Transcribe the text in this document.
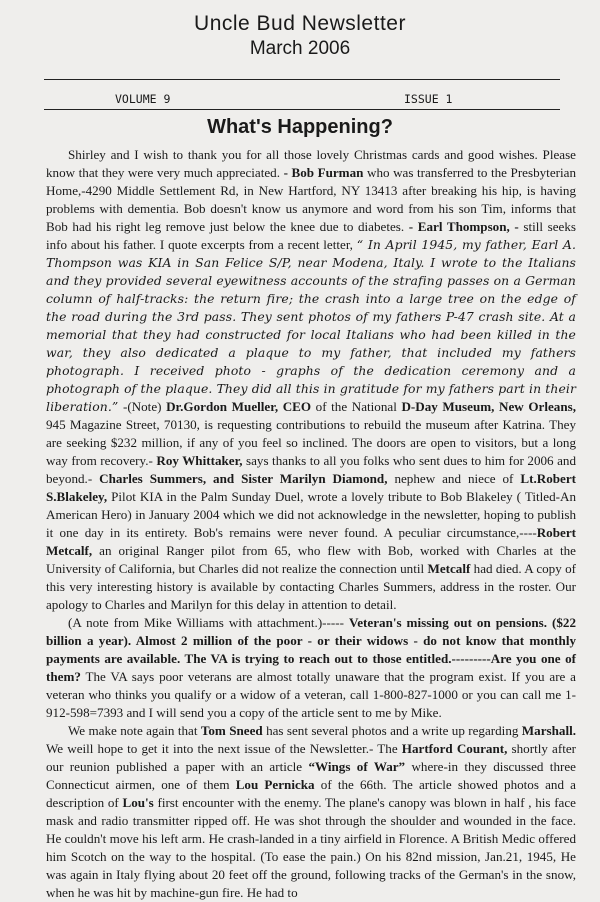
Uncle Bud Newsletter
March 2006
VOLUME 9	ISSUE 1
What's Happening?

Shirley and I wish to thank you for all those lovely Christmas cards and good wishes. Please know that they were very much appreciated. - Bob Furman who was transferred to the Presbyterian Home,-4290 Middle Settlement Rd, in New Hartford, NY 13413 after breaking his hip, is having problems with dementia. Bob doesn't know us anymore and word from his son Tim, informs that Bob had his right leg remove just below the knee due to diabetes. - Earl Thompson, - still seeks info about his father. I quote excerpts from a recent letter, “ In April 1945, my father, Earl A. Thompson was KIA in San Felice S/P, near Modena, Italy. I wrote to the Italians and they provided several eyewitness accounts of the strafing passes on a German column of half-tracks: the return fire; the crash into a large tree on the edge of the road during the 3rd pass. They sent photos of my fathers P-47 crash site. At a memorial that they had constructed for local Italians who had been killed in the war, they also dedicated a plaque to my father, that included my fathers photograph. I received photo - graphs of the dedication ceremony and a photograph of the plaque. They did all this in gratitude for my fathers part in their liberation.” -(Note) Dr.Gordon Mueller, CEO of the National D-Day Museum, New Orleans, 945 Magazine Street, 70130, is requesting contributions to rebuild the museum after Katrina. They are seeking $232 million, if any of you feel so inclined. The doors are open to visitors, but a long way from recovery.- Roy Whittaker, says thanks to all you folks who sent dues to him for 2006 and beyond.- Charles Summers, and Sister Marilyn Diamond, nephew and niece of Lt.Robert S.Blakeley, Pilot KIA in the Palm Sunday Duel, wrote a lovely tribute to Bob Blakeley ( Titled-An American Hero) in January 2004 which we did not acknowledge in the newsletter, hoping to publish it one day in its entirety. Bob's remains were never found. A peculiar circumstance,----Robert Metcalf, an original Ranger pilot from 65, who flew with Bob, worked with Charles at the University of California, but Charles did not realize the connection until Metcalf had died. A copy of this very interesting history is available by contacting Charles Summers, address in the roster. Our apology to Charles and Marilyn for this delay in attention to detail.

(A note from Mike Williams with attachment.)----- Veteran's missing out on pensions. ($22 billion a year). Almost 2 million of the poor - or their widows - do not know that monthly payments are available. The VA is trying to reach out to those entitled.---------Are you one of them? The VA says poor veterans are almost totally unaware that the program exist. If you are a veteran who thinks you qualify or a widow of a veteran, call 1-800-827-1000 or you can call me 1-912-598=7393 and I will send you a copy of the article sent to me by Mike.

We make note again that Tom Sneed has sent several photos and a write up regarding Marshall. We weill hope to get it into the next issue of the Newsletter.- The Hartford Courant, shortly after our reunion published a paper with an article “Wings of War” where-in they discussed three Connecticut airmen, one of them Lou Pernicka of the 66th. The article showed photos and a description of Lou's first encounter with the enemy. The plane's canopy was blown in half , his face mask and radio transmitter ripped off. He was shot through the shoulder and wounded in the face. He couldn't move his left arm. He crash-landed in a tiny airfield in Florence. A British Medic offered him Scotch on the way to the hospital. (To ease the pain.) On his 82nd mission, Jan.21, 1945, He was again in Italy flying about 20 feet off the ground, following tracks of the German's in the snow, when he was hit by machine-gun fire. He had to
